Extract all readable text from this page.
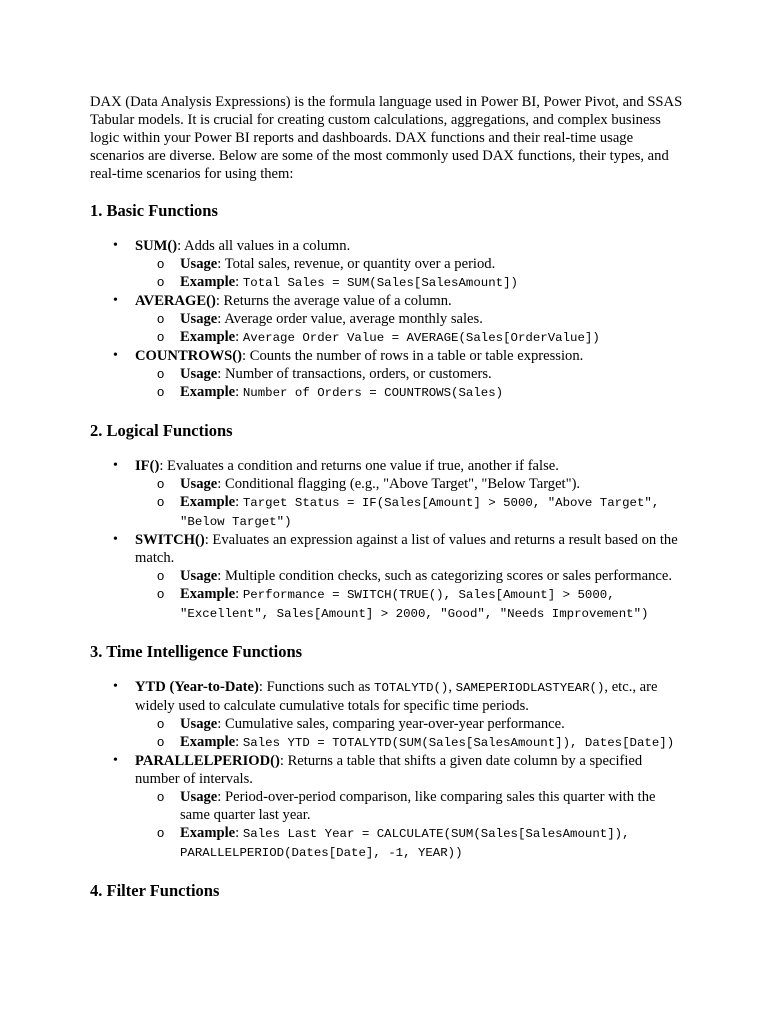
DAX (Data Analysis Expressions) is the formula language used in Power BI, Power Pivot, and SSAS Tabular models. It is crucial for creating custom calculations, aggregations, and complex business logic within your Power BI reports and dashboards. DAX functions and their real-time usage scenarios are diverse. Below are some of the most commonly used DAX functions, their types, and real-time scenarios for using them:

1. Basic Functions
• SUM(): Adds all values in a column.
o Usage: Total sales, revenue, or quantity over a period.
o Example: Total Sales = SUM(Sales[SalesAmount])
• AVERAGE(): Returns the average value of a column.
o Usage: Average order value, average monthly sales.
o Example: Average Order Value = AVERAGE(Sales[OrderValue])
• COUNTROWS(): Counts the number of rows in a table or table expression.
o Usage: Number of transactions, orders, or customers.
o Example: Number of Orders = COUNTROWS(Sales)
2. Logical Functions
• IF(): Evaluates a condition and returns one value if true, another if false.
o Usage: Conditional flagging (e.g., "Above Target", "Below Target").
o Example: Target Status = IF(Sales[Amount] > 5000, "Above Target", "Below Target")
• SWITCH(): Evaluates an expression against a list of values and returns a result based on the match.
o Usage: Multiple condition checks, such as categorizing scores or sales performance.
o Example: Performance = SWITCH(TRUE(), Sales[Amount] > 5000, "Excellent", Sales[Amount] > 2000, "Good", "Needs Improvement")
3. Time Intelligence Functions
• YTD (Year-to-Date): Functions such as TOTALYTD(), SAMEPERIODLASTYEAR(), etc., are widely used to calculate cumulative totals for specific time periods.
o Usage: Cumulative sales, comparing year-over-year performance.
o Example: Sales YTD = TOTALYTD(SUM(Sales[SalesAmount]), Dates[Date])
• PARALLELPERIOD(): Returns a table that shifts a given date column by a specified number of intervals.
o Usage: Period-over-period comparison, like comparing sales this quarter with the same quarter last year.
o Example: Sales Last Year = CALCULATE(SUM(Sales[SalesAmount]), PARALLELPERIOD(Dates[Date], -1, YEAR))
4. Filter Functions
